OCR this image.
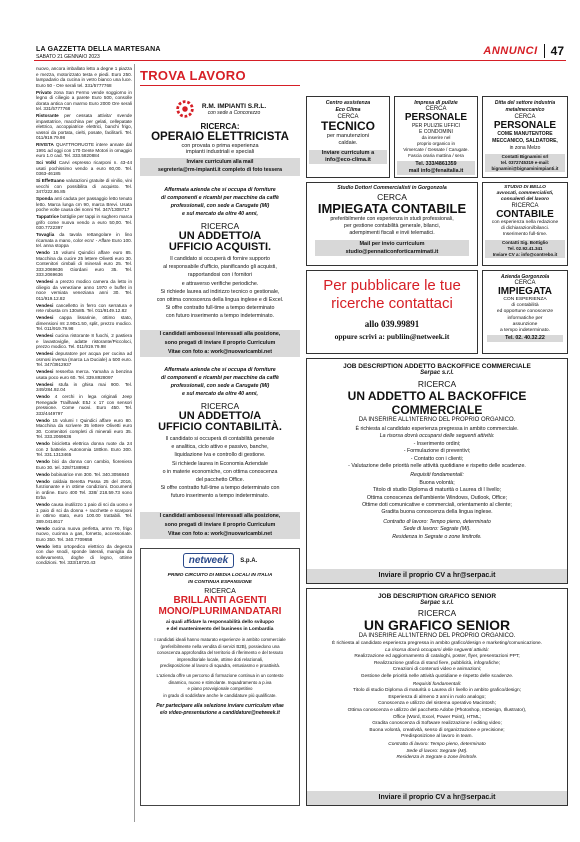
LA GAZZETTA DELLA MARTESANA
SABATO 21 GENNAIO 2023	ANNUNCI 47

nuovo, ancora imballato letto a degne 1 piazza e mezza, motorizzato testa e piedi. Euro 250. lampadario da cucina in vetro bianco una luce. Euro 50 - Ore serali tel. 331/5777768

Privato zona San Fermo vende soggiorno in legno di ciliegio a parete Euro 500, consolle dorata antica con marmo Euro 2000 Ore serali tel. 331/5777768

Ristorante per cessata attivita' svende impastatrice, macchina per gelati, cellepatate elettrico, accoppiatrice elettrici, banchi frigo, vassoi da portata, cielti, posate, facilitarli. Tel. 011/919.79.98

RIVISTA QUATTRORUOTE intere annate dal 1991 ad oggi con 170 Gente Motori in omaggio euro 1.0 cad. Tel. 333.5820884

Sci Volkl Carvi espresso ricarponi n. 43-44 usati pochissimo vendo a euro 60,00. Tel. 0363-46185

Si Effettuano valutazioni gratuite di vinilio, vini vecchi con possibilita di acquisto. Tel. 347/222.86.85

Sponda anti caduta per passaggio letto tenuto letto. Marca lunga cm 90, marca Brevi. Usata poche volte causa dei nonni Tel. 347/1308717

Tappatrice bottiglie per tappi in sughero marca grifo come nuova vendo a euro 50,00. Tel. 030.7722397

Tovaglia da tavola rettangolare in lino ricamata a mano, color ecru' - Affare Euro 100. tel. anna stoppa

Vendo 15 volumi Quindici affare euro 85. Macchina da cucire 25 lettere Olivetti euro 30. Contenitori cimbali di minerali euro 25. Tel. 333.2069636 Giordani euro 35. Tel. 333.2069636

Vendesi a prezzo modico camera da letto in ciliegio da veneziane anno 1970 e buffet in noce verniata veneziana anni 30. Tel. 011/919.12.82

Vendesi cancelletto in ferro con serratura e rete robusta cm 130x85. Tel. 011/9149.12.82

Vendesi cappa lissarinie, ottimo stato, dimensioni mt 2.90x1.50, split, prezzo modico. Tel. 011/919.79.98

Vendesi cucina ristorante 8 fuochi, 2 pastiera e lavastoviglie, adatte ristorante/Piccoloci, prezzo modico. Tel. 011/919.79.98

Vendesi depuratore per acqua per cucina ad osmosi inversa (marca La Duciale) a 500 euro. Tel. 347/3912937

Vendesi resserba merca. Yamaha a benzina usata poco euro 60. Tel. 339.8928097

Vendesi stufa in ghisa mai 900. Tel. 349/284.92.04

Vendo 4 cerchi in lega originali Jeep Renegade Trailhawk E5J x 17 con sensori pressione. Come nuovi. Euro 450. Tel. 333/4449797

Vendo 15 volumi I Quindici affare euro 80. Macchina da scrivere 35 lettere Olivetti euro 30. Contenitori completi di minerali euro 35. Tel. 333.2069636

Vendo bicicletta elettrica donna ruote da 24 con 2 batterie. Autonomia 180km. Euro 300. Tel. 331.1313465

Vendo bici da donna con cambio, fioreniera Euro 30. tel. 328/7188962

Vendo bobinatrice mm 300. Tel. 340.3056840

Vendo caldaia Beretta Passa 25 del 2016, funzionante e in ottime condizioni. Documenti in ordine. Euro 400 Tel. 338/ 218.59.73 sono Erba

Vendo causa inutilizzo 1 paio di sci da uomo e 1 paio di sci da donna + racchette e scarponi in ottimo stato, euro 100.00 trattabili. Tel. 389.0414617

Vendo cucina nuova perfetta, armn 70, frigo nuovo, cucinna a gas, fornetto, accessoriate. Euro 350. Tel. 340.7709658

Vendo letto ortopedico elettrico da degenza con due snodi, sponde laterali, maniglia da sollevamento, doghe di legno, ottime condizioni. Tel. 333/18720.43

TROVA LAVORO
R.M. IMPIANTI S.R.L.
con sede a Concorezzo
RICERCA:
OPERAIO ELETTRICISTA
con provata o prima esperienza
impianti industriali e speciali
Inviare curriculum alla mail
segreteria@rm-impianti.it completo di foto tessera
Affermata azienda che si occupa di forniture
di componenti e ricambi per macchine da caffè
professionali, con sede a Carugate (MI)
e sul mercato da oltre 40 anni,
RICERCA
UN ADDETTO/A
UFFICIO ACQUISTI.
Il candidato si occuperà di fornire supporto
al responsabile d'ufficio, pianificando gli acquisti,
rapportandosi con i fornitori
e attraverso verifiche periodiche.
Si richiede laurea ad indirizzo tecnico o gestionale,
con ottima conoscenza della lingua inglese e di Excel.
Si offre contratto full-time a tempo determinato
con futuro inserimento a tempo indeterminato.
I candidati ambosessi interessati alla posizione,
sono pregati di inviare il proprio Curriculum
Vitae con foto a: work@nuovaricambi.net
Affermata azienda che si occupa di forniture
di componenti e ricambi per macchine da caffè
professionali, con sede a Carugate (MI)
e sul mercato da oltre 40 anni,
RICERCA
UN ADDETTO/A
UFFICIO CONTABILITÀ.
Il candidato si occuperà di contabilità generale
e analitica, ciclo attivo e passivo, banche,
liquidazione Iva e controllo di gestione.
Si richiede laurea in Economia Aziendale
o in materie economiche, con ottima conoscenza
del pacchetto Office.
Si offre contratto full-time a tempo determinato con
futuro inserimento a tempo indeterminato.
I candidati ambosessi interessati alla posizione,
sono pregati di inviare il proprio Curriculum
Vitae con foto a: work@nuovaricambi.net
netweek	S.p.A.
PRIMO CIRCUITO DI MEDIA LOCALI IN ITALIA
IN CONTINUA ESPANSIONE
RICERCA
BRILLANTI AGENTI
MONO/PLURIMANDATARI
ai quali affidare la responsabilità dello sviluppo
e del mantenimento del business in Lombardia
I candidati ideali hanno maturato esperienze in ambito commerciale
(preferibilmente nella vendita di servizi B2B), possiedono una
conoscenza approfondita del territorio di riferimento e del tessuto
imprenditoriale locale, ottime doti relazionali,
predisposizione al lavoro di squadra, entusiasmo e proattività.
L'azienda offre un percorso di formazione continua in un contesto
dinamico, nuovo e stimolante. Inquadramento a p.iva
e piano provvigionale competitivo
in grado di soddisfare anche le candidature più qualificate.
Per partecipare alla selezione inviare curriculum vitae
e/o video-presentazione a candidature@netweek.it
Centro assistenza
Eco Clima
CERCA
TECNICO
per manutenzioni
caldaie.
Inviare curriculum a
info@eco-clima.it
Impresa di pulizie
CERCA
PERSONALE
PER PULIZIE UFFICI
E CONDOMINI
da inserire nel
proprio organico in
Vimercate / Gessate / Carugate.
Fascia oraria mattina / sera
Tel. 333/4861359
mail info@fenaitalia.it
Ditta del settore industria
metalmeccanico
CERCA
PERSONALE
COME MANUTENTORE
MECCANICO, SALDATORE,
in zona Melzo
Contatti Bignamini srl
tel. 0372745319 e-mail:
bignamini@bignaminimpianti.it
Studio Dottori Commercialisti in Gorgonzola
CERCA
IMPIEGATA CONTABILE
preferibilmente con esperienza in studi professionali,
per gestione contabilità generale, bilanci,
adempimenti fiscali e invii telematici.
Mail per invio curriculum
studio@pennaticonforticarmimati.it
STUDIO DI BELLO
avvocati, commercialisti,
consulenti del lavoro
RICERCA
CONTABILE
con esperienza nella redazione
di dichiarazioni/bilanci.
Inserimento full-time.
Contatti Sig. Bottiglio
Tel. 02.92.41.341
Inviare CV a: info@contrebo.it
Per pubblicare le tue
ricerche contattaci
allo 039.99891
oppure scrivi a: publiin@netweek.it
Azienda Gorgonzola
CERCA
IMPIEGATA
CON ESPERIENZA
di contabilità
ed opportune conoscenze
informatiche per
assunzione
a tempo indeterminato.
Tel. 02. 40.32.22
JOB DESCRIPTION ADDETTO BACKOFFICE COMMERCIALE
Serpac s.r.l.
RICERCA
UN ADDETTO AL BACKOFFICE COMMERCIALE
DA INSERIRE ALL'INTERNO DEL PROPRIO ORGANICO.
È richiesta al candidato esperienza pregressa in ambito commerciale.
La risorsa dovrà occuparsi delle seguenti attività:
- Inserimento ordini;
- Formulazione di preventivi;
- Contatto con i clienti;
- Valutazione delle priorità nelle attività quotidiane e rispetto delle scadenze.
Requisiti fondamentali:
Buona volontà;
Titolo di studio Diploma di maturità o Laurea di I livello;
Ottima conoscenza dell'ambiente Windows, Outlook, Office;
Ottime doti comunicative e commerciali, orientamento al cliente;
Gradita buona conoscenza della lingua inglese.
Contratto di lavoro: Tempo pieno, determinato
Sede di lavoro: Segrate (MI).
Residenza in Segrate o zone limitrofe.
Inviare il proprio CV a hr@serpac.it
JOB DESCRIPTION GRAFICO SENIOR
Serpac s.r.l.
RICERCA
UN GRAFICO SENIOR
DA INSERIRE ALL'INTERNO DEL PROPRIO ORGANICO.
È richiesta al candidato esperienza pregressa in ambito grafico/design e marketing/comunicazione.
La risorsa dovrà occuparsi delle seguenti attività:
Realizzazione ed aggiornamento di cataloghi, poster, flyer, presentazioni PPT;
Realizzazione grafica di stand fiere, pubblicità, infografiche;
Creazioni di contenuti video e animazioni;
Gestione delle priorità nelle attività quotidiane e rispetto delle scadenze.
Requisiti fondamentali:
Titolo di studio Diploma di maturità o Laurea di I livello in ambito grafico/design;
Esperienza di almeno 3 anni in ruolo analogo;
Conoscenza e utilizzo del sistema operativo Macintosh;
Ottima conoscenza e utilizzo del pacchetto Adobe (Photoshop, InDesign, Illustrator),
Office (Word, Excel, Power Point), HTML;
Gradita conoscenza di Software realizzazione / editing video;
Buona volontà, creatività, senso di organizzazione e precisione;
Predisposizione al lavoro in team.
Contratto di lavoro: Tempo pieno, determinato
Sede di lavoro: Segrate (MI).
Residenza in Segrate o zone limitrofe.
Inviare il proprio CV a hr@serpac.it
